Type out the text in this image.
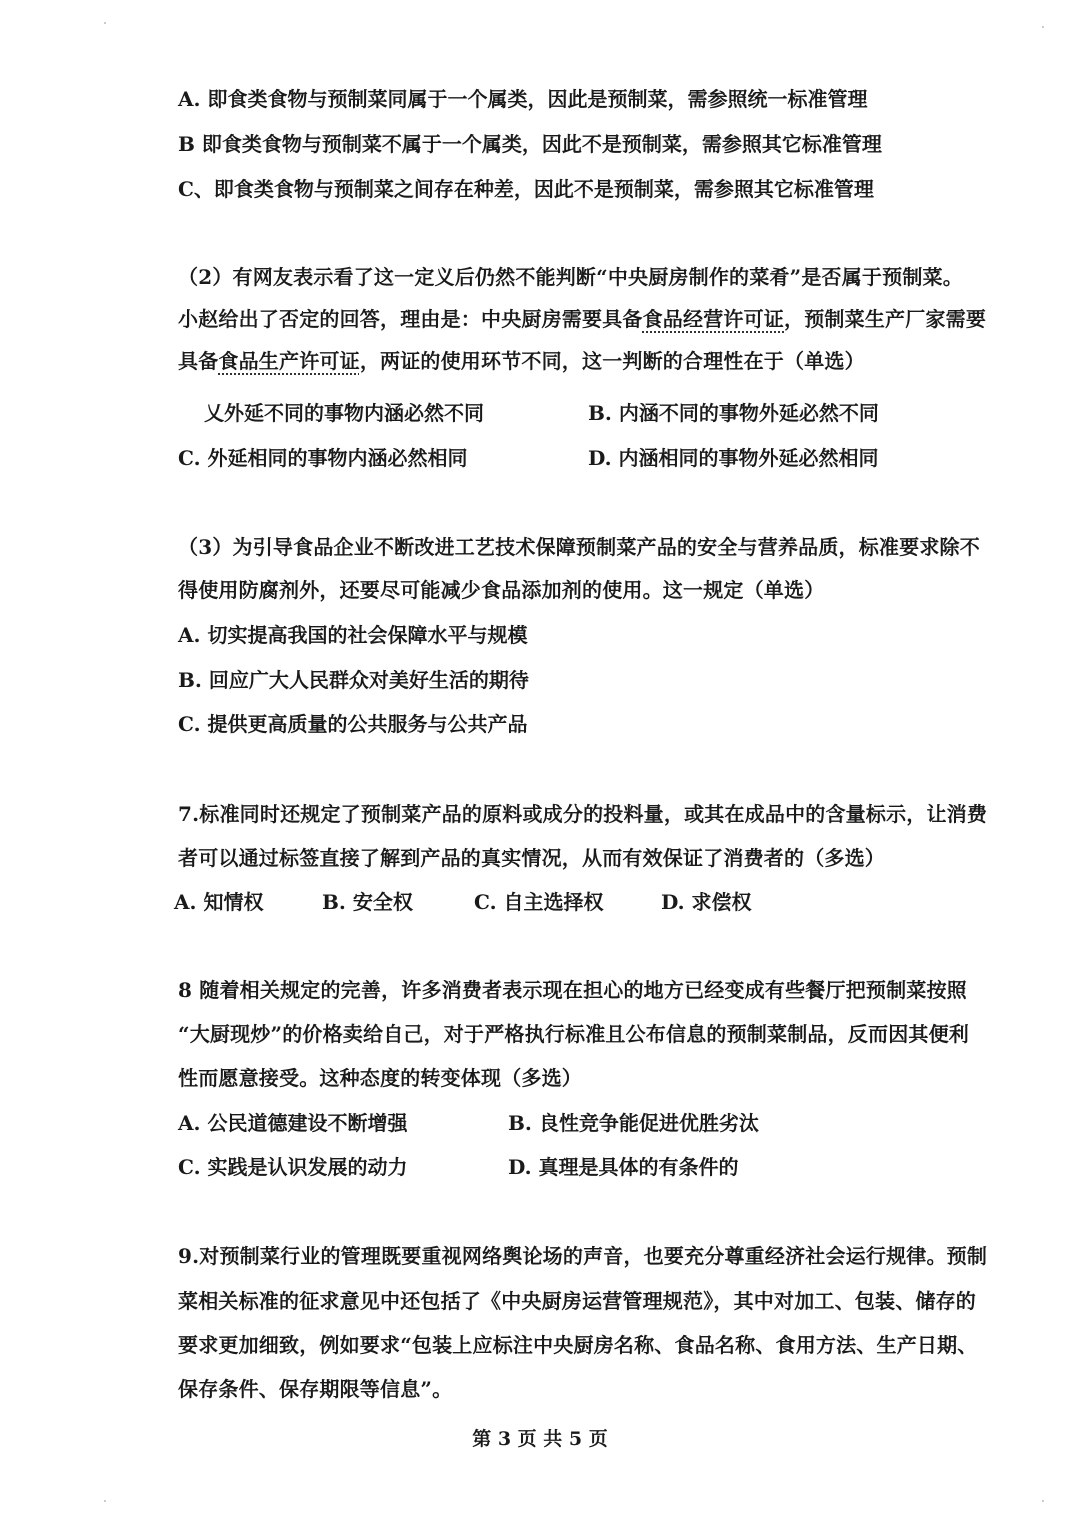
A. 即食类食物与预制菜同属于一个属类，因此是预制菜，需参照统一标准管理
B 即食类食物与预制菜不属于一个属类，因此不是预制菜，需参照其它标准管理
C、即食类食物与预制菜之间存在种差，因此不是预制菜，需参照其它标准管理
（2）有网友表示看了这一定义后仍然不能判断“中央厨房制作的菜肴”是否属于预制菜。
小赵给出了否定的回答，理由是：中央厨房需要具备食品经营许可证，预制菜生产厂家需要
具备食品生产许可证，两证的使用环节不同，这一判断的合理性在于（单选）
乂外延不同的事物内涵必然不同	B. 内涵不同的事物外延必然不同
C. 外延相同的事物内涵必然相同	D. 内涵相同的事物外延必然相同
（3）为引导食品企业不断改进工艺技术保障预制菜产品的安全与营养品质，标准要求除不
得使用防腐剂外，还要尽可能减少食品添加剂的使用。这一规定（单选）
A. 切实提高我国的社会保障水平与规模
B. 回应广大人民群众对美好生活的期待
C. 提供更高质量的公共服务与公共产品
7.标准同时还规定了预制菜产品的原料或成分的投料量，或其在成品中的含量标示，让消费
者可以通过标签直接了解到产品的真实情况，从而有效保证了消费者的（多选）
A. 知情权	B. 安全权	C. 自主选择权	D. 求偿权
8 随着相关规定的完善，许多消费者表示现在担心的地方已经变成有些餐厅把预制菜按照
“大厨现炒”的价格卖给自己，对于严格执行标准且公布信息的预制菜制品，反而因其便利
性而愿意接受。这种态度的转变体现（多选）
A. 公民道德建设不断增强	B. 良性竞争能促进优胜劣汰
C. 实践是认识发展的动力	D. 真理是具体的有条件的
9.对预制菜行业的管理既要重视网络舆论场的声音，也要充分尊重经济社会运行规律。预制
菜相关标准的征求意见中还包括了《中央厨房运营管理规范》，其中对加工、包装、储存的
要求更加细致，例如要求“包装上应标注中央厨房名称、食品名称、食用方法、生产日期、
保存条件、保存期限等信息”。
第 3 页 共 5 页
